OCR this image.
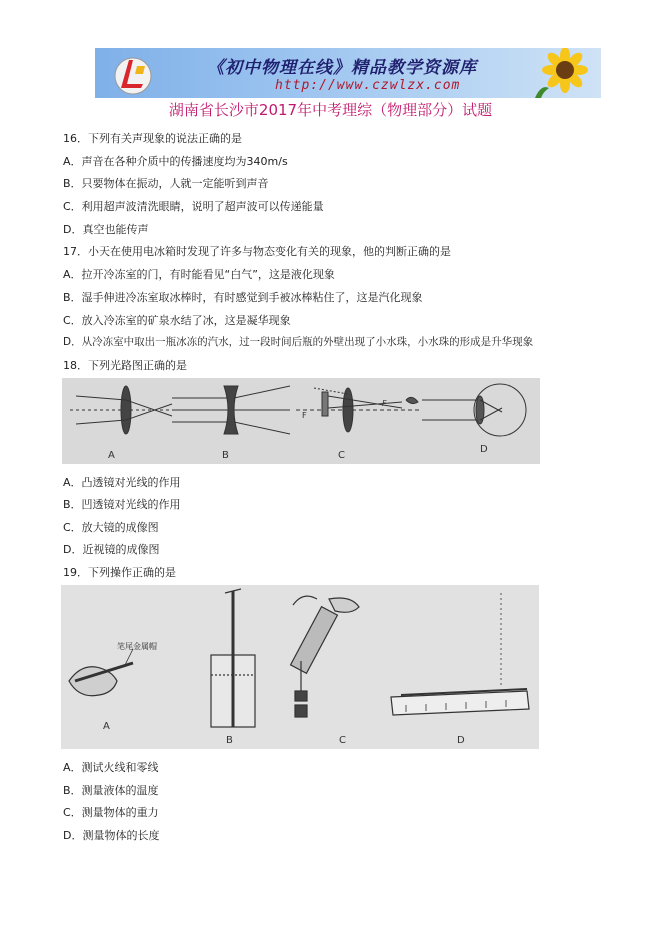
《初中物理在线》精品教学资源库
http://www.czwlzx.com
湖南省长沙市2017年中考理综（物理部分）试题
16．下列有关声现象的说法正确的是
A．声音在各种介质中的传播速度均为340m/s
B．只要物体在振动，人就一定能听到声音
C．利用超声波清洗眼睛，说明了超声波可以传递能量
D．真空也能传声
17．小天在使用电冰箱时发现了许多与物态变化有关的现象，他的判断正确的是
A．拉开冷冻室的门，有时能看见“白气”，这是液化现象
B．湿手伸进冷冻室取冰棒时，有时感觉到手被冰棒粘住了，这是汽化现象
C．放入冷冻室的矿泉水结了冰，这是凝华现象
D．从冷冻室中取出一瓶冰冻的汽水，过一段时间后瓶的外壁出现了小水珠，小水珠的形成是升华现象
18．下列光路图正确的是
F
F
A	B	C
D
A．凸透镜对光线的作用
B．凹透镜对光线的作用
C．放大镜的成像图
D．近视镜的成像图
19．下列操作正确的是
笔尾金属帽
A
B	C	D
A．测试火线和零线
B．测量液体的温度
C．测量物体的重力
D．测量物体的长度
